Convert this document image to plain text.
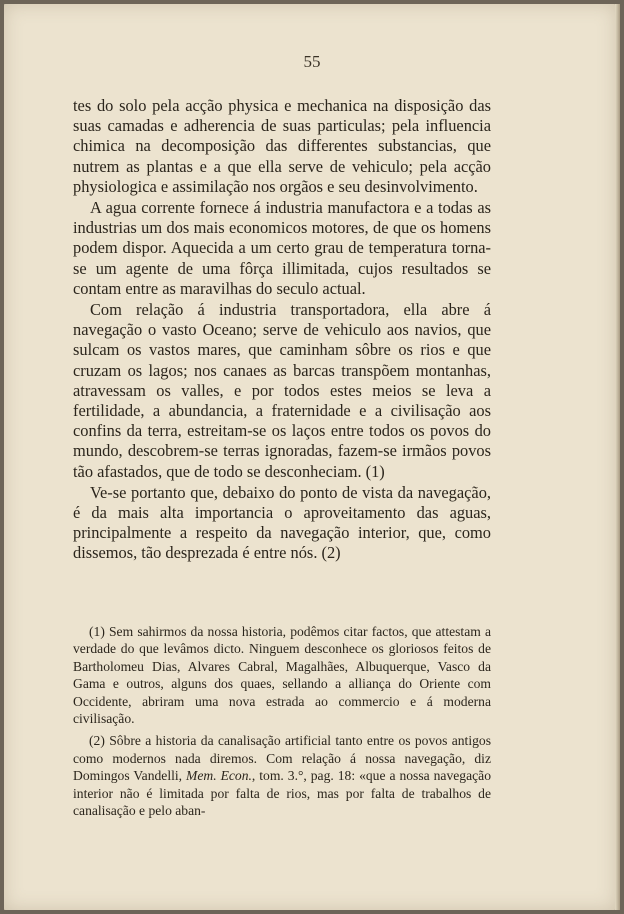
55

tes do solo pela acção physica e mechanica na disposição das suas camadas e adherencia de suas particulas; pela influencia chimica na decomposição das differentes substancias, que nutrem as plantas e a que ella serve de vehiculo; pela acção physiologica e assimilação nos orgãos e seu desinvolvimento.

A agua corrente fornece á industria manufactora e a todas as industrias um dos mais economicos motores, de que os homens podem dispor. Aquecida a um certo grau de temperatura torna-se um agente de uma fôrça illimitada, cujos resultados se contam entre as maravilhas do seculo actual.

Com relação á industria transportadora, ella abre á navegação o vasto Oceano; serve de vehiculo aos navios, que sulcam os vastos mares, que caminham sôbre os rios e que cruzam os lagos; nos canaes as barcas transpõem montanhas, atravessam os valles, e por todos estes meios se leva a fertilidade, a abundancia, a fraternidade e a civilisação aos confins da terra, estreitam-se os laços entre todos os povos do mundo, descobrem-se terras ignoradas, fazem-se irmãos povos tão afastados, que de todo se desconheciam. (1)

Ve-se portanto que, debaixo do ponto de vista da navegação, é da mais alta importancia o aproveitamento das aguas, principalmente a respeito da navegação interior, que, como dissemos, tão desprezada é entre nós. (2)

(1) Sem sahirmos da nossa historia, podêmos citar factos, que attestam a verdade do que levâmos dicto. Ninguem desconhece os gloriosos feitos de Bartholomeu Dias, Alvares Cabral, Magalhães, Albuquerque, Vasco da Gama e outros, alguns dos quaes, sellando a alliança do Oriente com Occidente, abriram uma nova estrada ao commercio e á moderna civilisação.

(2) Sôbre a historia da canalisação artificial tanto entre os povos antigos como modernos nada diremos. Com relação á nossa navegação, diz Domingos Vandelli, Mem. Econ., tom. 3.°, pag. 18: «que a nossa navegação interior não é limitada por falta de rios, mas por falta de trabalhos de canalisação e pelo aban-
